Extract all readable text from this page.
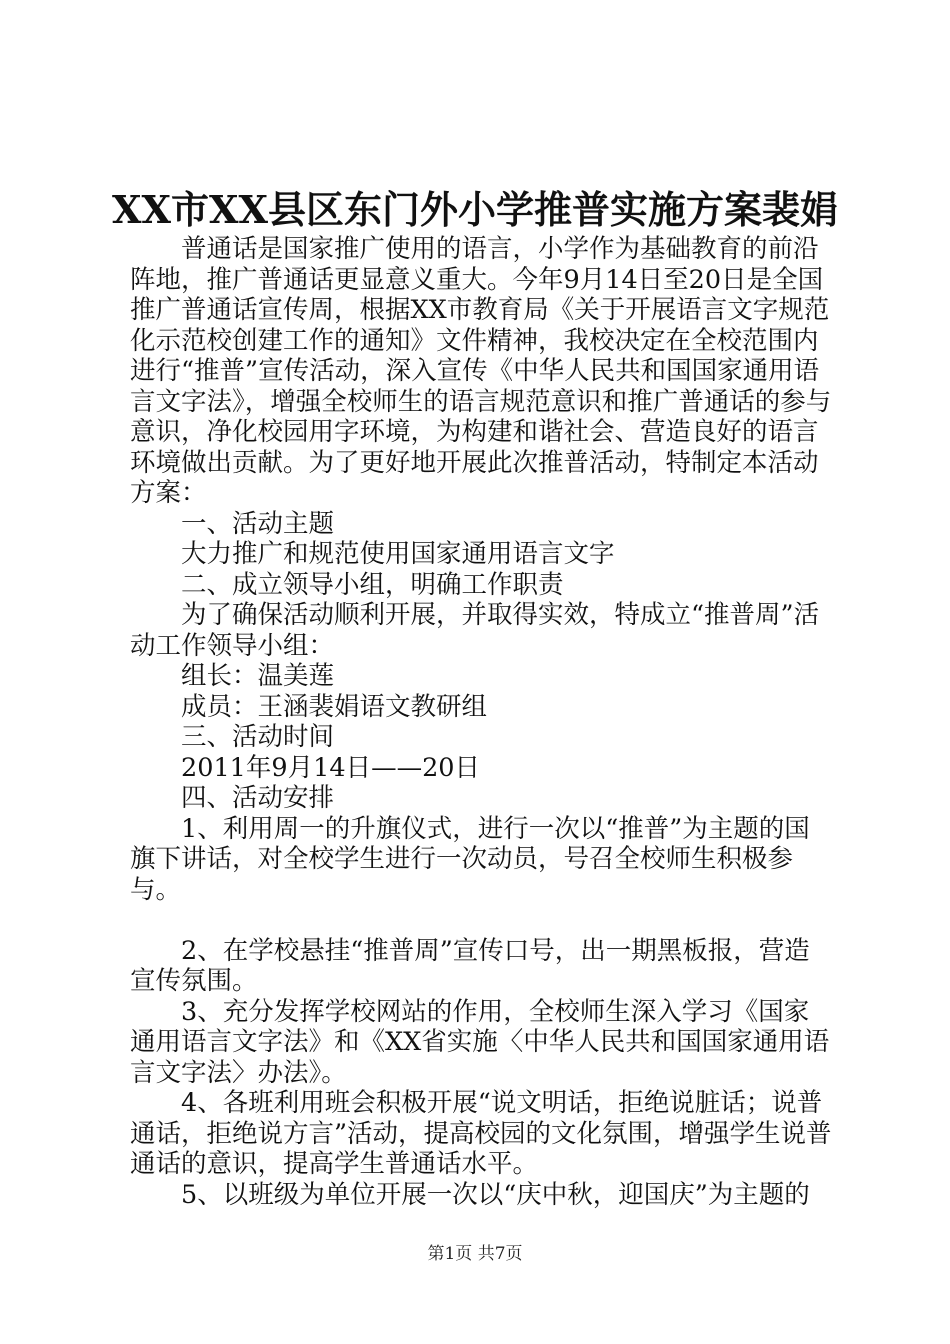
XX市XX县区东门外小学推普实施方案裴娟

普通话是国家推广使用的语言，小学作为基础教育的前沿阵地，推广普通话更显意义重大。今年9月14日至20日是全国推广普通话宣传周，根据XX市教育局《关于开展语言文字规范化示范校创建工作的通知》文件精神，我校决定在全校范围内进行“推普”宣传活动，深入宣传《中华人民共和国国家通用语言文字法》，增强全校师生的语言规范意识和推广普通话的参与意识，净化校园用字环境，为构建和谐社会、营造良好的语言环境做出贡献。为了更好地开展此次推普活动，特制定本活动方案：

一、活动主题

大力推广和规范使用国家通用语言文字

二、成立领导小组，明确工作职责

为了确保活动顺利开展，并取得实效，特成立“推普周”活动工作领导小组：

组长：温美莲

成员：王涵裴娟语文教研组

三、活动时间

2011年9月14日——20日

四、活动安排

1、利用周一的升旗仪式，进行一次以“推普”为主题的国旗下讲话，对全校学生进行一次动员，号召全校师生积极参与。

2、在学校悬挂“推普周”宣传口号，出一期黑板报，营造宣传氛围。

3、充分发挥学校网站的作用，全校师生深入学习《国家通用语言文字法》和《XX省实施〈中华人民共和国国家通用语言文字法〉办法》。

4、各班利用班会积极开展“说文明话，拒绝说脏话；说普通话，拒绝说方言”活动，提高校园的文化氛围，增强学生说普通话的意识，提高学生普通话水平。

5、以班级为单位开展一次以“庆中秋，迎国庆”为主题的

第1页 共7页
